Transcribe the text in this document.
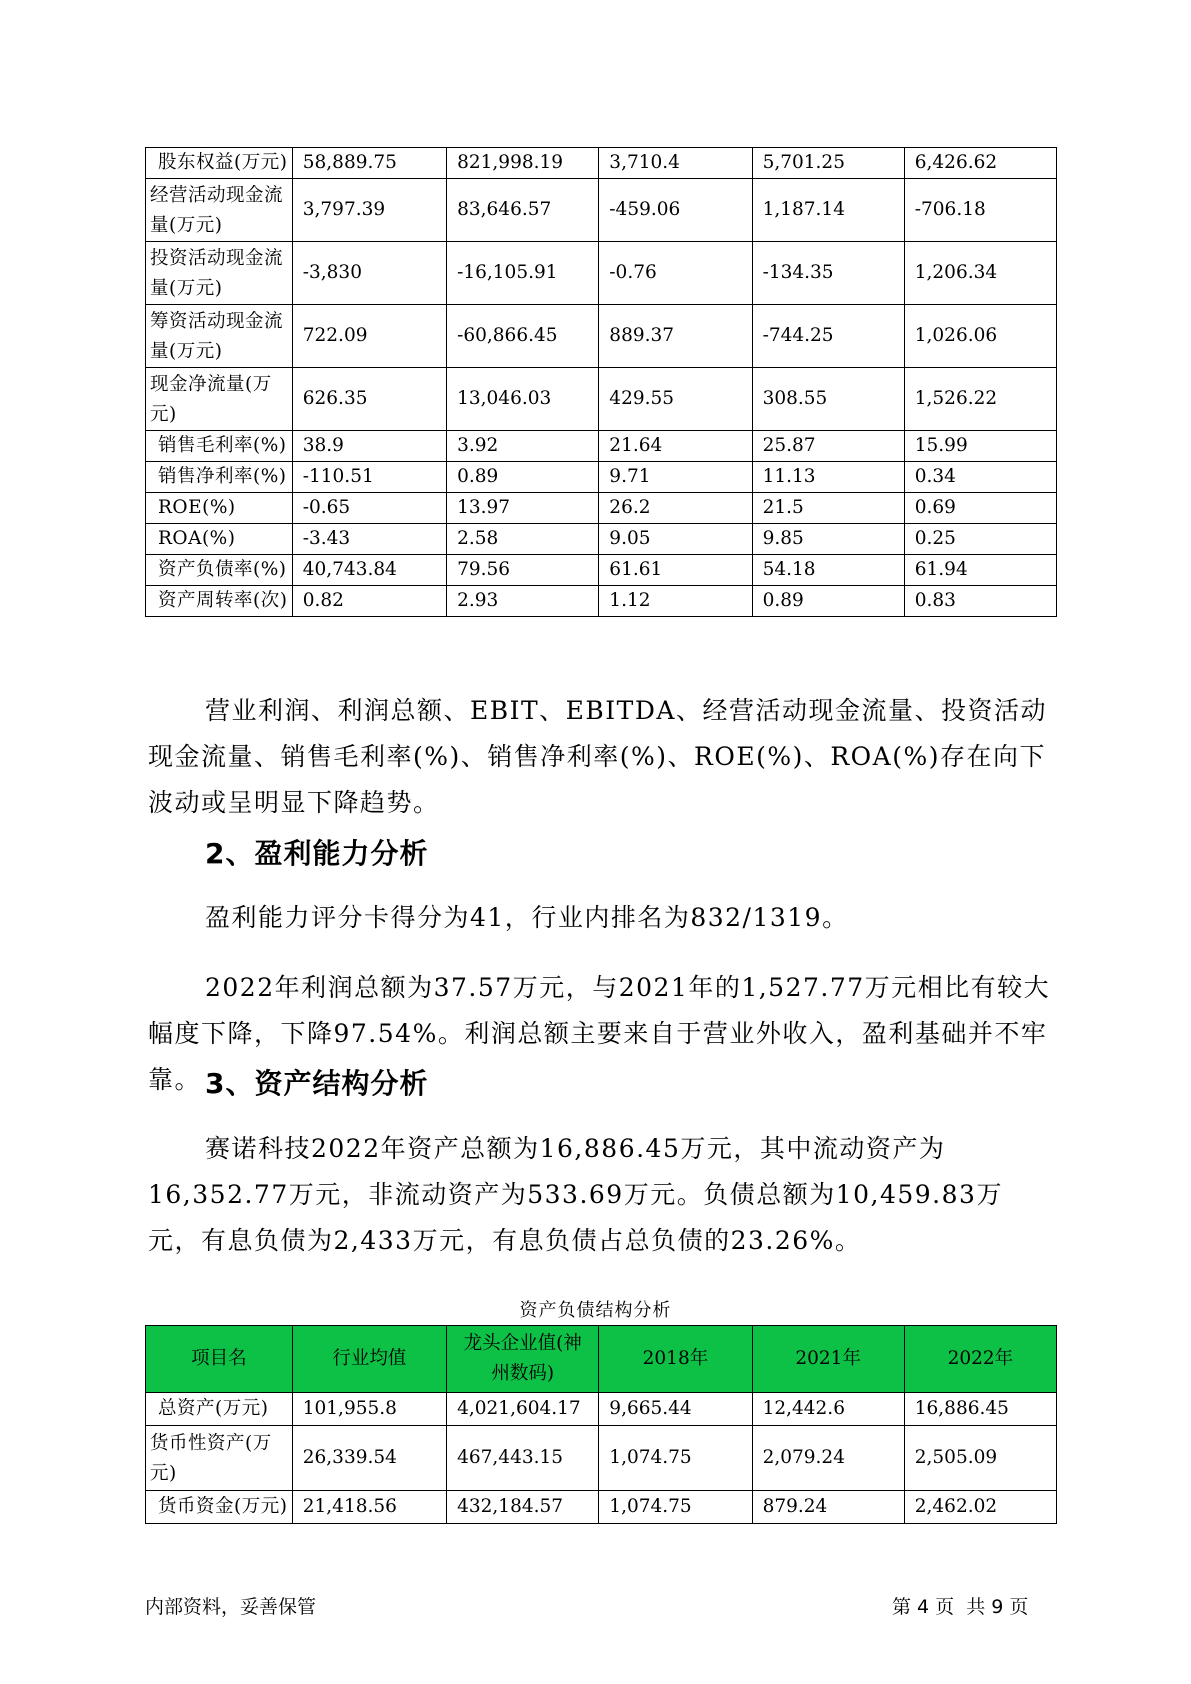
股东权益(万元)	58,889.75	821,998.19	3,710.4	5,701.25	6,426.62
经营活动现金流量(万元)	3,797.39	83,646.57	-459.06	1,187.14	-706.18
投资活动现金流量(万元)	-3,830	-16,105.91	-0.76	-134.35	1,206.34
筹资活动现金流量(万元)	722.09	-60,866.45	889.37	-744.25	1,026.06
现金净流量(万元)	626.35	13,046.03	429.55	308.55	1,526.22
销售毛利率(%)	38.9	3.92	21.64	25.87	15.99
销售净利率(%)	-110.51	0.89	9.71	11.13	0.34
ROE(%)	-0.65	13.97	26.2	21.5	0.69
ROA(%)	-3.43	2.58	9.05	9.85	0.25
资产负债率(%)	40,743.84	79.56	61.61	54.18	61.94
资产周转率(次)	0.82	2.93	1.12	0.89	0.83
营业利润、利润总额、EBIT、EBITDA、经营活动现金流量、投资活动现金流量、销售毛利率(%)、销售净利率(%)、ROE(%)、ROA(%)存在向下波动或呈明显下降趋势。
2、盈利能力分析
盈利能力评分卡得分为41，行业内排名为832/1319。
2022年利润总额为37.57万元，与2021年的1,527.77万元相比有较大幅度下降，下降97.54%。利润总额主要来自于营业外收入，盈利基础并不牢靠。 3、资产结构分析
赛诺科技2022年资产总额为16,886.45万元，其中流动资产为16,352.77万元，非流动资产为533.69万元。负债总额为10,459.83万元，有息负债为2,433万元，有息负债占总负债的23.26%。
资产负债结构分析
项目名	行业均值	龙头企业值(神州数码)	2018年	2021年	2022年
总资产(万元)	101,955.8	4,021,604.17	9,665.44	12,442.6	16,886.45
货币性资产(万元)	26,339.54	467,443.15	1,074.75	2,079.24	2,505.09
货币资金(万元)	21,418.56	432,184.57	1,074.75	879.24	2,462.02
内部资料，妥善保管	第 4 页  共 9 页
